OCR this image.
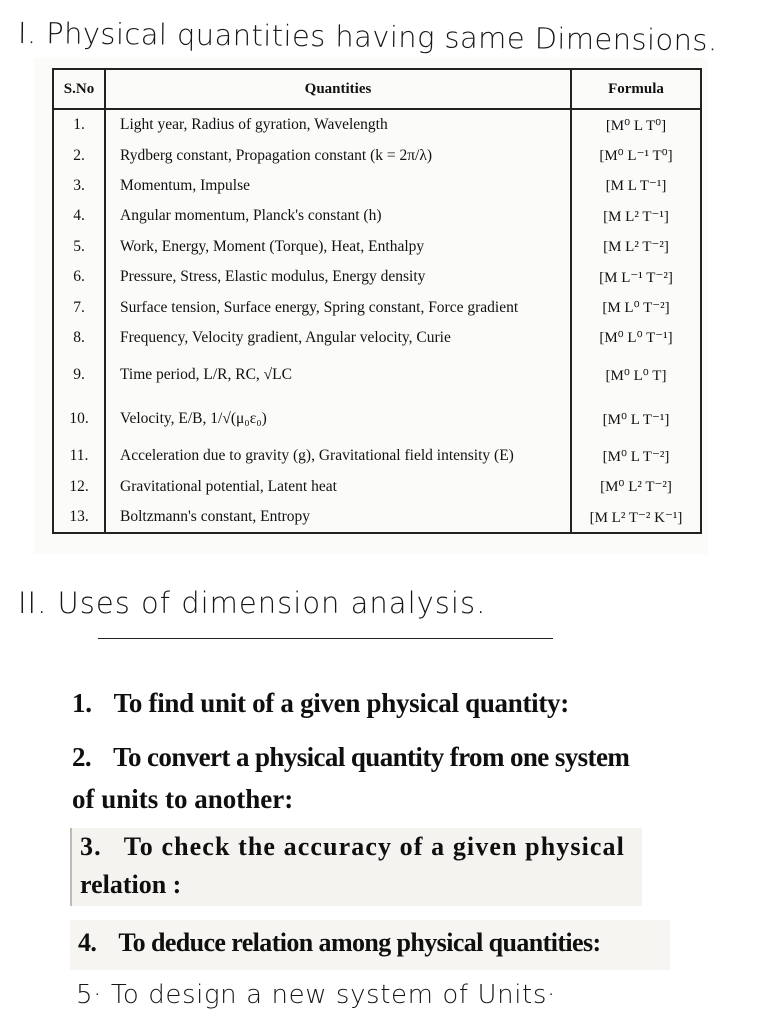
I. Physical quantities having same Dimensions.
S.No	Quantities	Formula
1.	Light year, Radius of gyration, Wavelength	[M⁰ L T⁰]
2.	Rydberg constant, Propagation constant (k = 2π/λ)	[M⁰ L⁻¹ T⁰]
3.	Momentum, Impulse	[M L T⁻¹]
4.	Angular momentum, Planck's constant (h)	[M L² T⁻¹]
5.	Work, Energy, Moment (Torque), Heat, Enthalpy	[M L² T⁻²]
6.	Pressure, Stress, Elastic modulus, Energy density	[M L⁻¹ T⁻²]
7.	Surface tension, Surface energy, Spring constant, Force gradient	[M L⁰ T⁻²]
8.	Frequency, Velocity gradient, Angular velocity, Curie	[M⁰ L⁰ T⁻¹]
9.	Time period, L/R, RC, √LC	[M⁰ L⁰ T]
10.	Velocity, E/B, 1/√(μ₀ε₀)	[M⁰ L T⁻¹]
11.	Acceleration due to gravity (g), Gravitational field intensity (E)	[M⁰ L T⁻²]
12.	Gravitational potential, Latent heat	[M⁰ L² T⁻²]
13.	Boltzmann's constant, Entropy	[M L² T⁻² K⁻¹]
II. Uses of dimension analysis.
1. To find unit of a given physical quantity:
2. To convert a physical quantity from one system
of units to another:
3. To check the accuracy of a given physical
relation :
4. To deduce relation among physical quantities:
5· To design a new system of Units·
